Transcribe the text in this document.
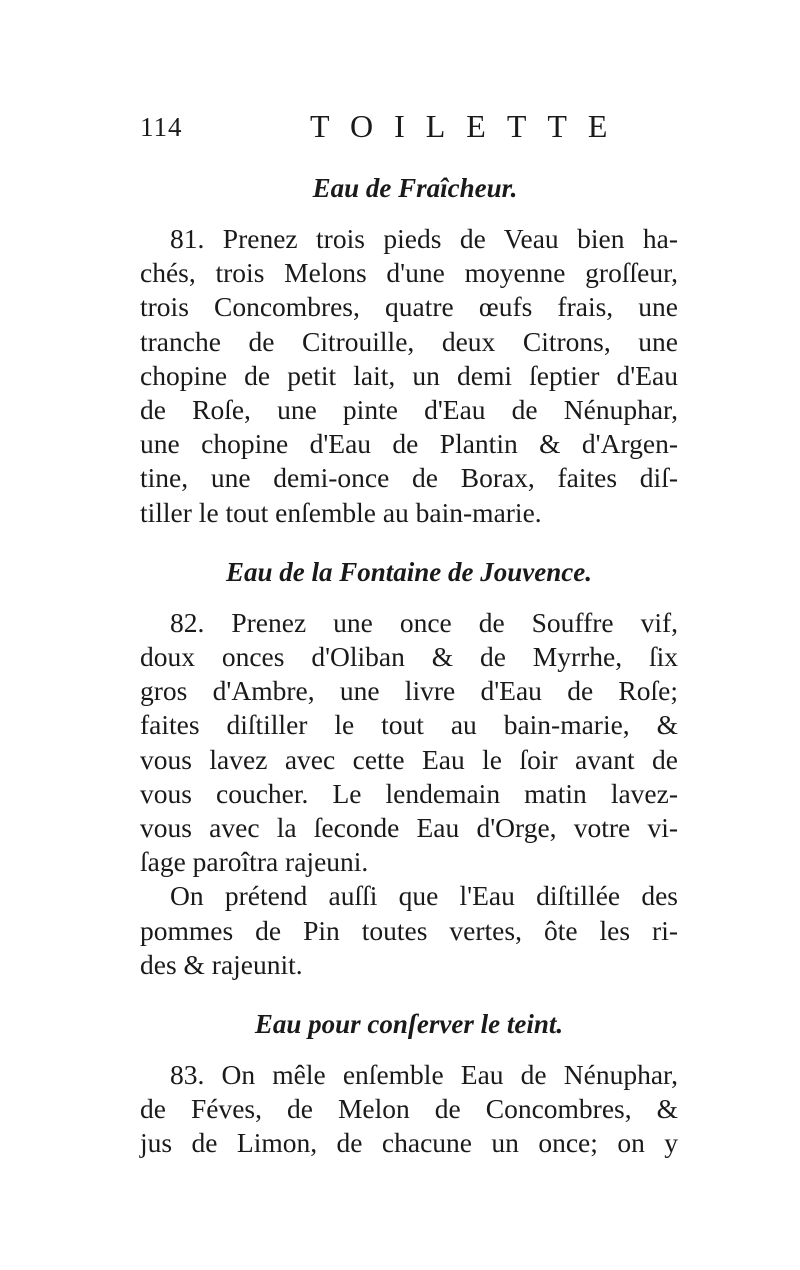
114	TOILETTE
Eau de Fraîcheur.

81. Prenez trois pieds de Veau bien ha-
chés, trois Melons d'une moyenne groſſeur,
trois Concombres, quatre œufs frais, une
tranche de Citrouille, deux Citrons, une
chopine de petit lait, un demi ſeptier d'Eau
de Roſe, une pinte d'Eau de Nénuphar,
une chopine d'Eau de Plantin & d'Argen-
tine, une demi-once de Borax, faites diſ-
tiller le tout enſemble au bain-marie.

Eau de la Fontaine de Jouvence.

82. Prenez une once de Souffre vif,
doux onces d'Oliban & de Myrrhe, ſix
gros d'Ambre, une livre d'Eau de Roſe;
faites diſtiller le tout au bain-marie, &
vous lavez avec cette Eau le ſoir avant de
vous coucher. Le lendemain matin lavez-
vous avec la ſeconde Eau d'Orge, votre vi-
ſage paroîtra rajeuni.

On prétend auſſi que l'Eau diſtillée des
pommes de Pin toutes vertes, ôte les ri-
des & rajeunit.

Eau pour conſerver le teint.

83. On mêle enſemble Eau de Nénuphar,
de Féves, de Melon de Concombres, &
jus de Limon, de chacune un once; on y
